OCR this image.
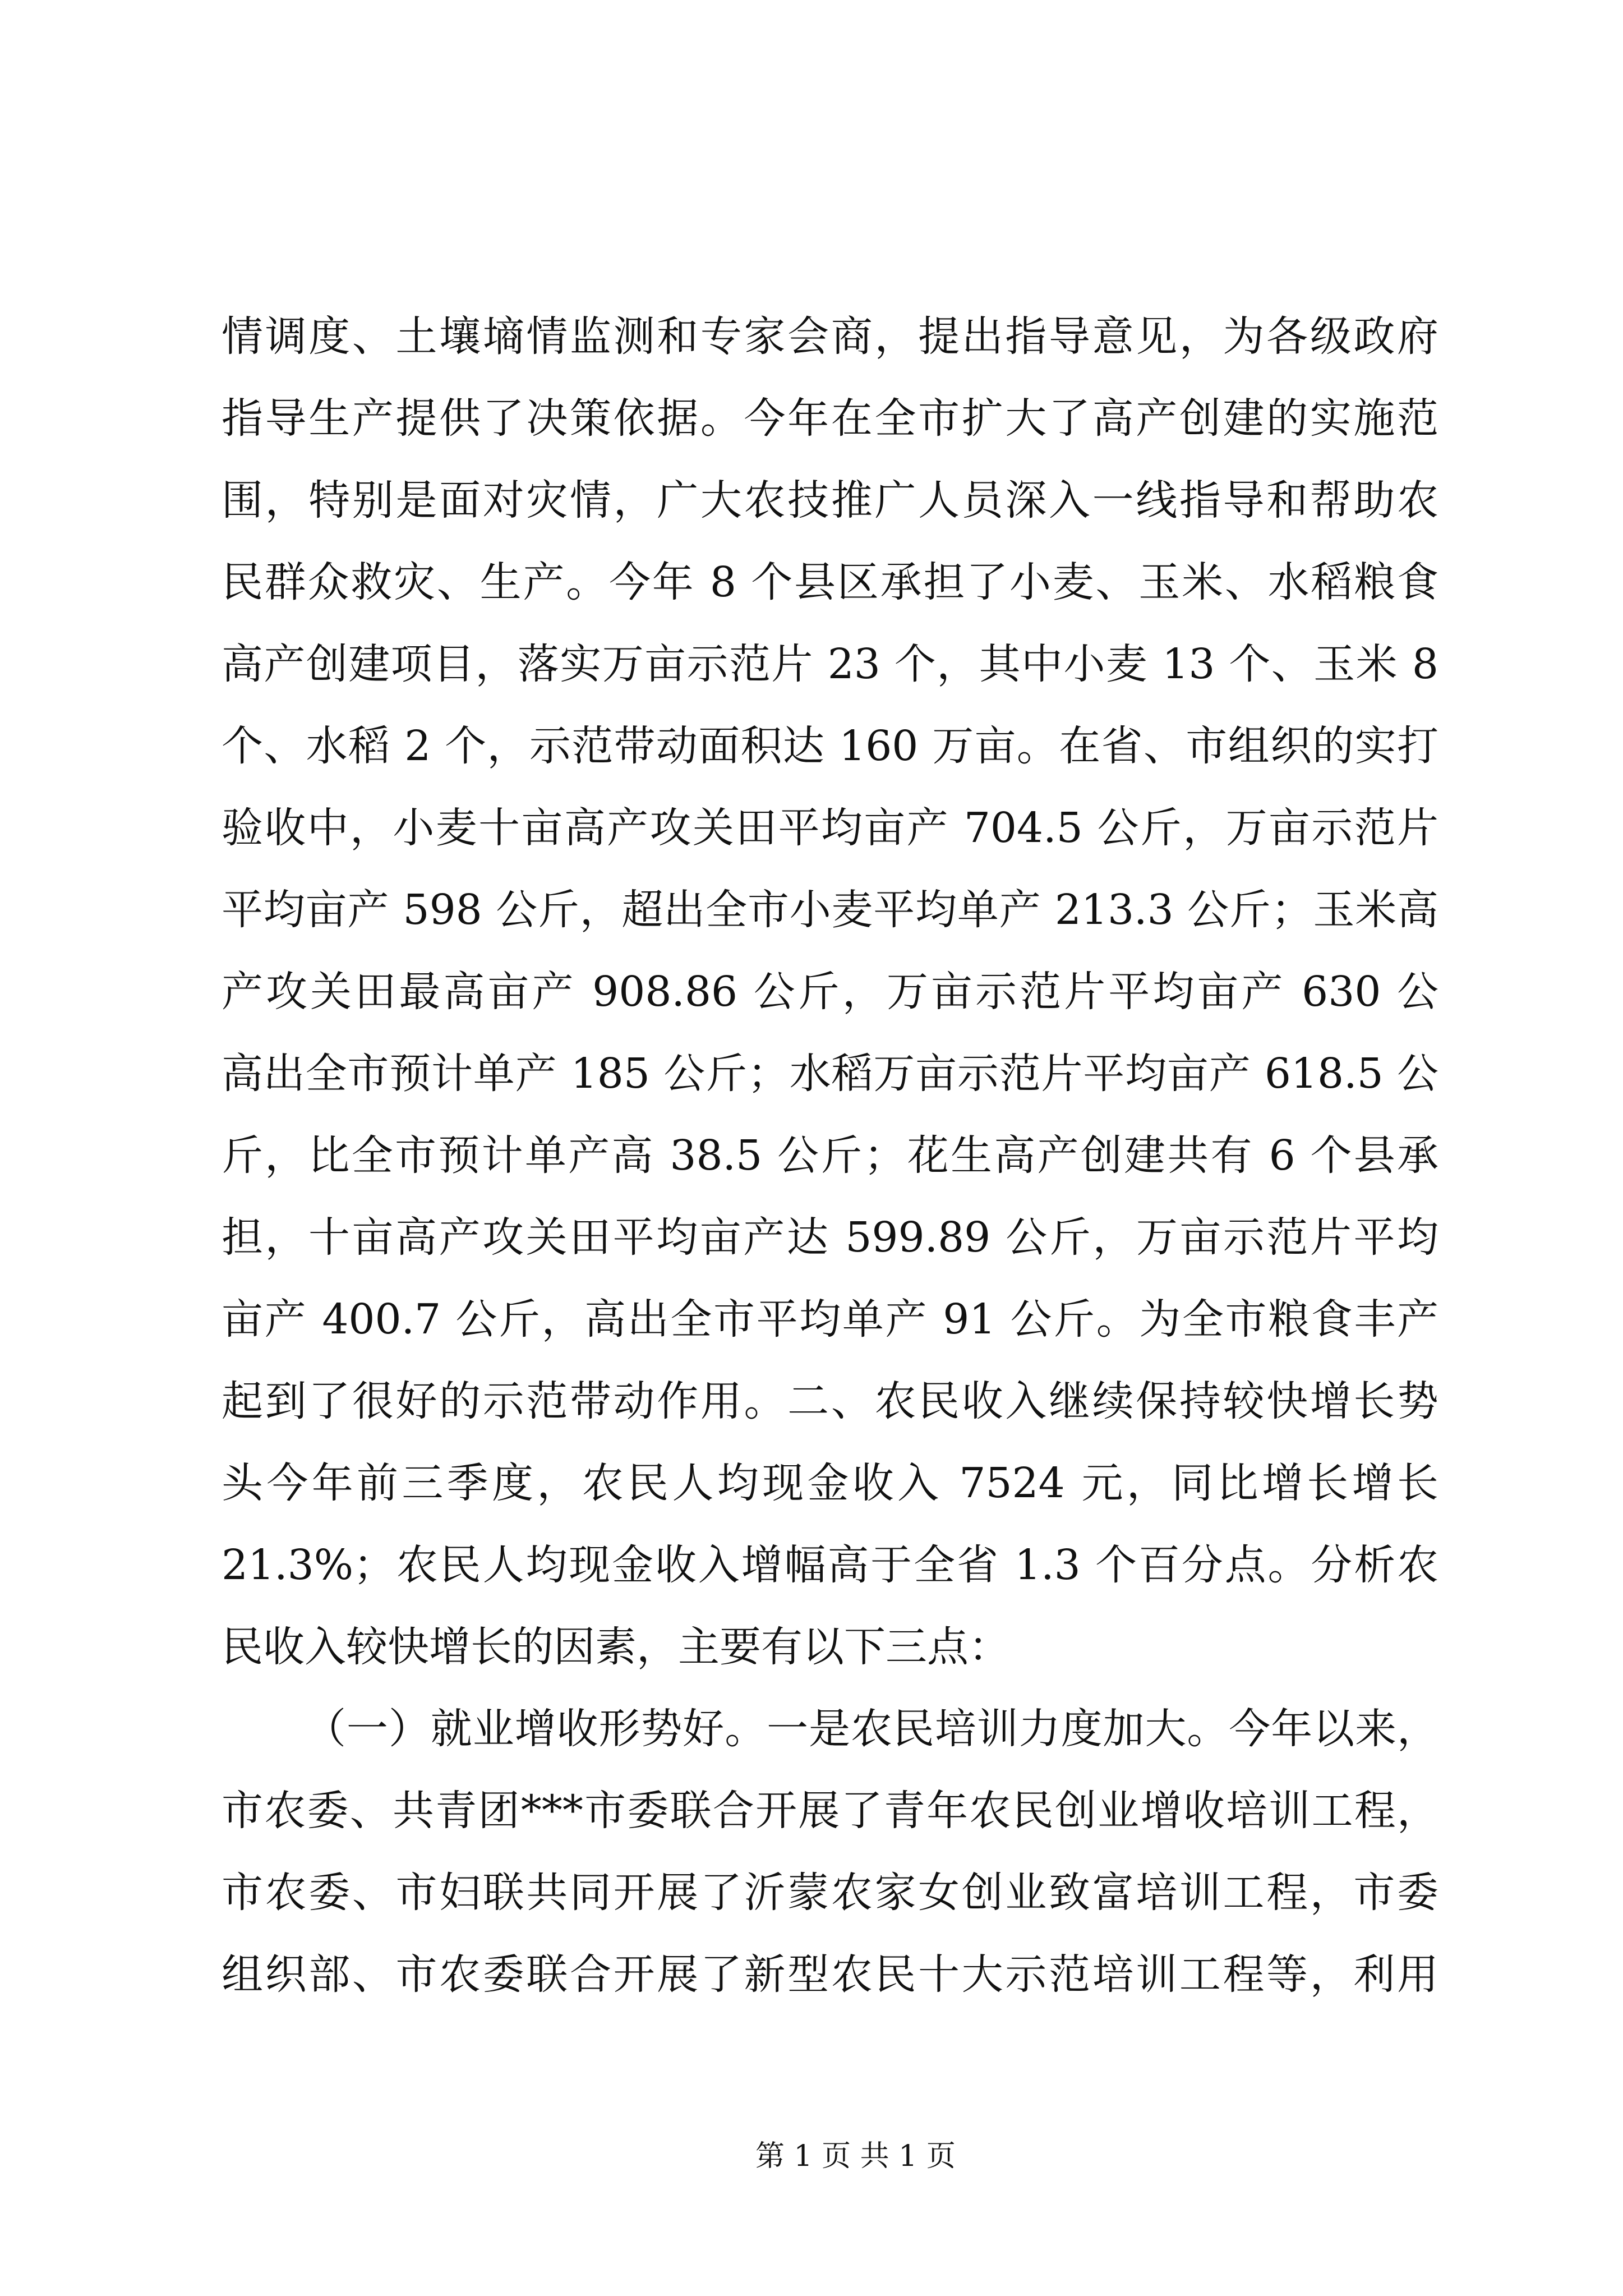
情调度、土壤墒情监测和专家会商，提出指导意见，为各级政府
指导生产提供了决策依据。今年在全市扩大了高产创建的实施范
围，特别是面对灾情，广大农技推广人员深入一线指导和帮助农
民群众救灾、生产。今年 8 个县区承担了小麦、玉米、水稻粮食
高产创建项目，落实万亩示范片 23 个，其中小麦 13 个、玉米 8
个、水稻 2 个，示范带动面积达 160 万亩。在省、市组织的实打
验收中，小麦十亩高产攻关田平均亩产 704.5 公斤，万亩示范片
平均亩产 598 公斤，超出全市小麦平均单产 213.3 公斤；玉米高
产攻关田最高亩产 908.86 公斤，万亩示范片平均亩产 630 公
高出全市预计单产 185 公斤；水稻万亩示范片平均亩产 618.5 公
斤，比全市预计单产高 38.5 公斤；花生高产创建共有 6 个县承
担，十亩高产攻关田平均亩产达 599.89 公斤，万亩示范片平均
亩产 400.7 公斤，高出全市平均单产 91 公斤。为全市粮食丰产
起到了很好的示范带动作用。二、农民收入继续保持较快增长势
头今年前三季度，农民人均现金收入 7524 元，同比增长增长
21.3%；农民人均现金收入增幅高于全省 1.3 个百分点。分析农
民收入较快增长的因素，主要有以下三点：
（一）就业增收形势好。一是农民培训力度加大。今年以来，
市农委、共青团***市委联合开展了青年农民创业增收培训工程，
市农委、市妇联共同开展了沂蒙农家女创业致富培训工程，市委
组织部、市农委联合开展了新型农民十大示范培训工程等，利用
第 1 页 共 1 页
